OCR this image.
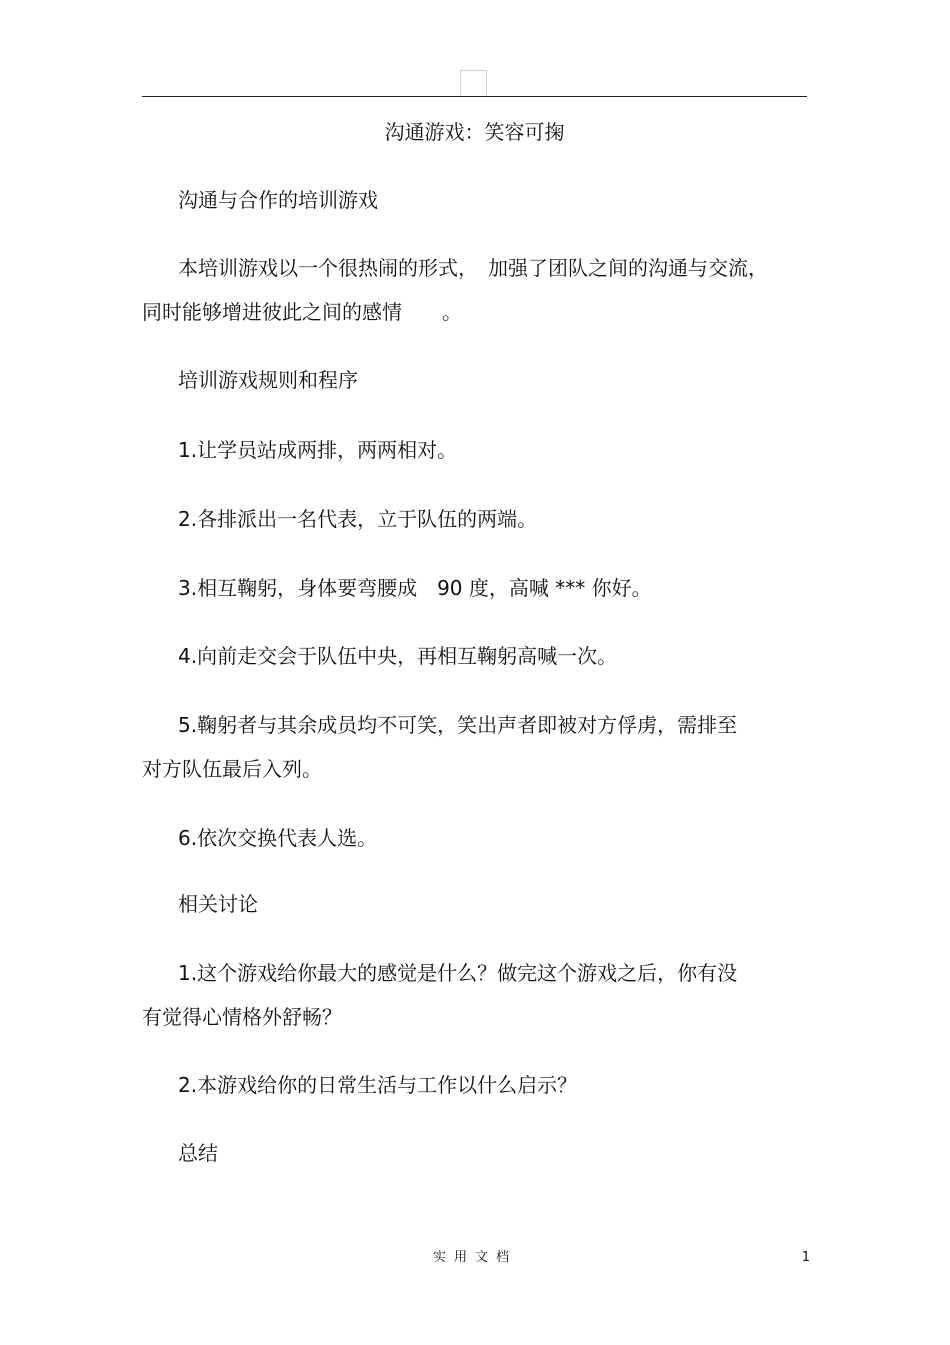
沟通游戏：笑容可掬
沟通与合作的培训游戏
本培训游戏以一个很热闹的形式，　加强了团队之间的沟通与交流，
同时能够增进彼此之间的感情　　。
培训游戏规则和程序
1.让学员站成两排，两两相对。
2.各排派出一名代表，立于队伍的两端。
3.相互鞠躬，身体要弯腰成　90 度，高喊 *** 你好。
4.向前走交会于队伍中央，再相互鞠躬高喊一次。
5.鞠躬者与其余成员均不可笑，笑出声者即被对方俘虏，需排至
对方队伍最后入列。
6.依次交换代表人选。
相关讨论
1.这个游戏给你最大的感觉是什么？做完这个游戏之后，你有没
有觉得心情格外舒畅？
2.本游戏给你的日常生活与工作以什么启示？
总结
实用文档	1
